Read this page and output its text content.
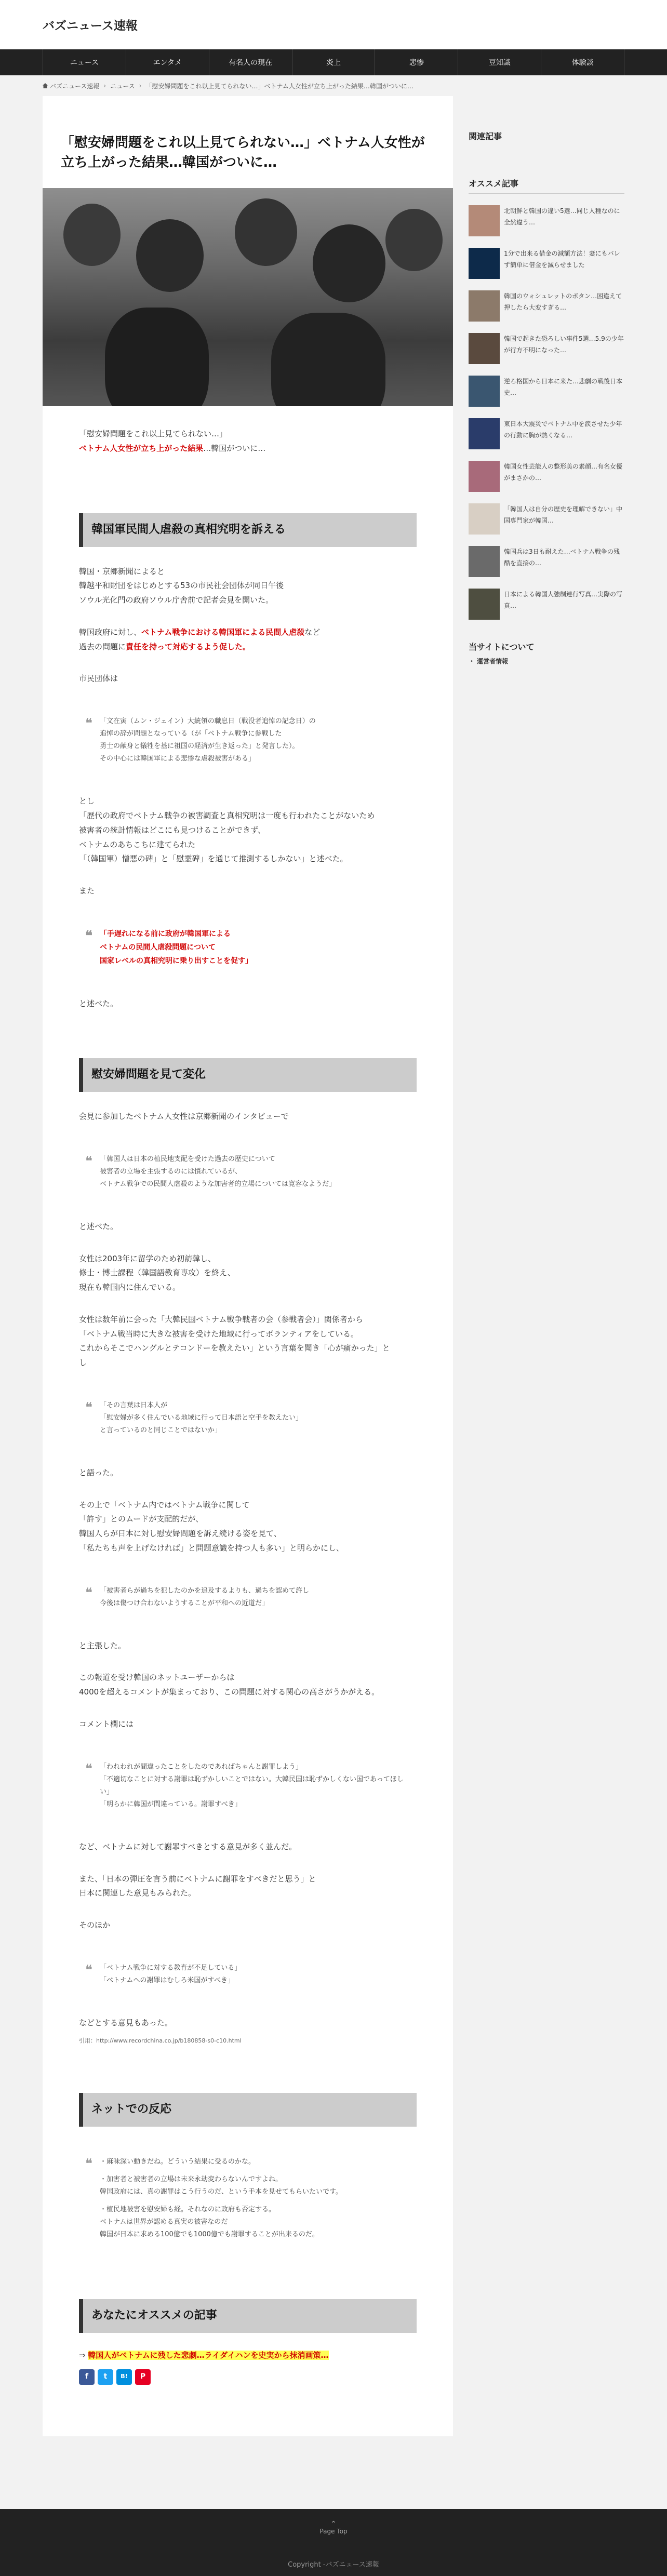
バズニュース速報
ニュース	エンタメ	有名人の現在	炎上	悲惨	豆知識	体験談
バズニュース速報 › ニュース › 「慰安婦問題をこれ以上見てられない…」ベトナム人女性が立ち上がった結果…韓国がついに…
「慰安婦問題をこれ以上見てられない…」ベトナム人女性が立ち上がった結果…韓国がついに…
「慰安婦問題をこれ以上見てられない…」
ベトナム人女性が立ち上がった結果…韓国がついに…
韓国軍民間人虐殺の真相究明を訴える
韓国・京郷新聞によると
韓越平和財団をはじめとする53の市民社会団体が同日午後
ソウル光化門の政府ソウル庁舎前で記者会見を開いた。
韓国政府に対し、ベトナム戦争における韓国軍による民間人虐殺など
過去の問題に責任を持って対応するよう促した。
市民団体は
❝ 「文在寅（ムン・ジェイン）大統領の職息日（戦没者追悼の記念日）の
追悼の辞が問題となっている（が「ベトナム戦争に参戦した
勇士の献身と犠牲を基に祖国の経済が生き返った」と発言した）。
その中心には韓国軍による悲惨な虐殺被害がある」
とし
「歴代の政府でベトナム戦争の被害調査と真相究明は一度も行われたことがないため
被害者の統計情報はどこにも見つけることができず、
ベトナムのあちこちに建てられた
「（韓国軍）憎悪の碑」と「慰霊碑」を通じて推測するしかない」と述べた。
また
❝ 「手遅れになる前に政府が韓国軍による
ベトナムの民間人虐殺問題について
国家レベルの真相究明に乗り出すことを促す」
と述べた。
慰安婦問題を見て変化
会見に参加したベトナム人女性は京郷新聞のインタビューで
❝ 「韓国人は日本の植民地支配を受けた過去の歴史について
被害者の立場を主張するのには慣れているが、
ベトナム戦争での民間人虐殺のような加害者的立場については寛容なようだ」
と述べた。
女性は2003年に留学のため初訪韓し、
修士・博士課程（韓国語教育専攻）を終え、
現在も韓国内に住んでいる。
女性は数年前に会った「大韓民国ベトナム戦争戦者の会（参戦者会）」関係者から
「ベトナム戦当時に大きな被害を受けた地域に行ってボランティアをしている。
これからそこでハングルとテコンドーを教えたい」という言葉を聞き「心が痛かった」と
し
❝ 「その言葉は日本人が
「慰安婦が多く住んでいる地域に行って日本語と空手を教えたい」
と言っているのと同じことではないか」
と語った。
その上で「ベトナム内ではベトナム戦争に関して
「許す」とのムードが支配的だが、
韓国人らが日本に対し慰安婦問題を訴え続ける姿を見て、
「私たちも声を上げなければ」と問題意識を持つ人も多い」と明らかにし、
❝ 「被害者らが過ちを犯したのかを追及するよりも、過ちを認めて許し
今後は傷つけ合わないようすることが平和への近道だ」
と主張した。
この報道を受け韓国のネットユーザーからは
4000を超えるコメントが集まっており、この問題に対する関心の高さがうかがえる。
コメント欄には
❝ 「われわれが間違ったことをしたのであればちゃんと謝罪しよう」
「不適切なことに対する謝罪は恥ずかしいことではない。大韓民国は恥ずかしくない国であってほしい」
「明らかに韓国が間違っている。謝罪すべき」
など、ベトナムに対して謝罪すべきとする意見が多く並んだ。
また、「日本の弾圧を言う前にベトナムに謝罪をすべきだと思う」と
日本に関連した意見もみられた。
そのほか
❝ 「ベトナム戦争に対する教育が不足している」
「ベトナムへの謝罪はむしろ米国がすべき」
などとする意見もあった。
引用：http://www.recordchina.co.jp/b180858-s0-c10.html
ネットでの反応
❝ ・麻味深い動きだね。どういう結果に受るのかな。
・加害者と被害者の立場は未来永劫変わらないんですよね。
韓国政府には、真の謝罪はこう行うのだ、という手本を見せてもらいたいです。
・植民地被害を慰安婦も経。それなのに政府も否定する。
ベトナムは世界が認める真実の被害なのだ
韓国が日本に求める100億でも1000億でも謝罪することが出来るのだ。
あなたにオススメの記事
⇒ 韓国人がベトナムに残した悲劇…ライダイハンを史実から抹消画策…
f	t	B!	P
関連記事
オススメ記事
北朝鮮と韓国の違い5選…同じ人種なのに全然違う…
1分で出来る借金の減額方法！妻にもバレず簡単に借金を減らせました
韓国のウォシュレットのボタン…困違えて押したら大変すぎる…
韓国で起きた恐ろしい事件5選…5.9の少年が行方不明になった…
逆ろ格国から日本に来た…悲劇の戦後日本史…
東日本大震災でベトナム中を涙させた少年の行動に胸が熱くなる…
韓国女性芸能人の整形美の素顔…有名女優がまさかの…
「韓国人は自分の歴史を理解できない」中国専門家が韓国…
韓国兵は3日も耐えた…ベトナム戦争の残酷を直接の…
日本による韓国人強制連行写真…実際の写真…
当サイトについて
・ 運営者情報
⌃
Page Top
Copyright ‐バズニュース速報
